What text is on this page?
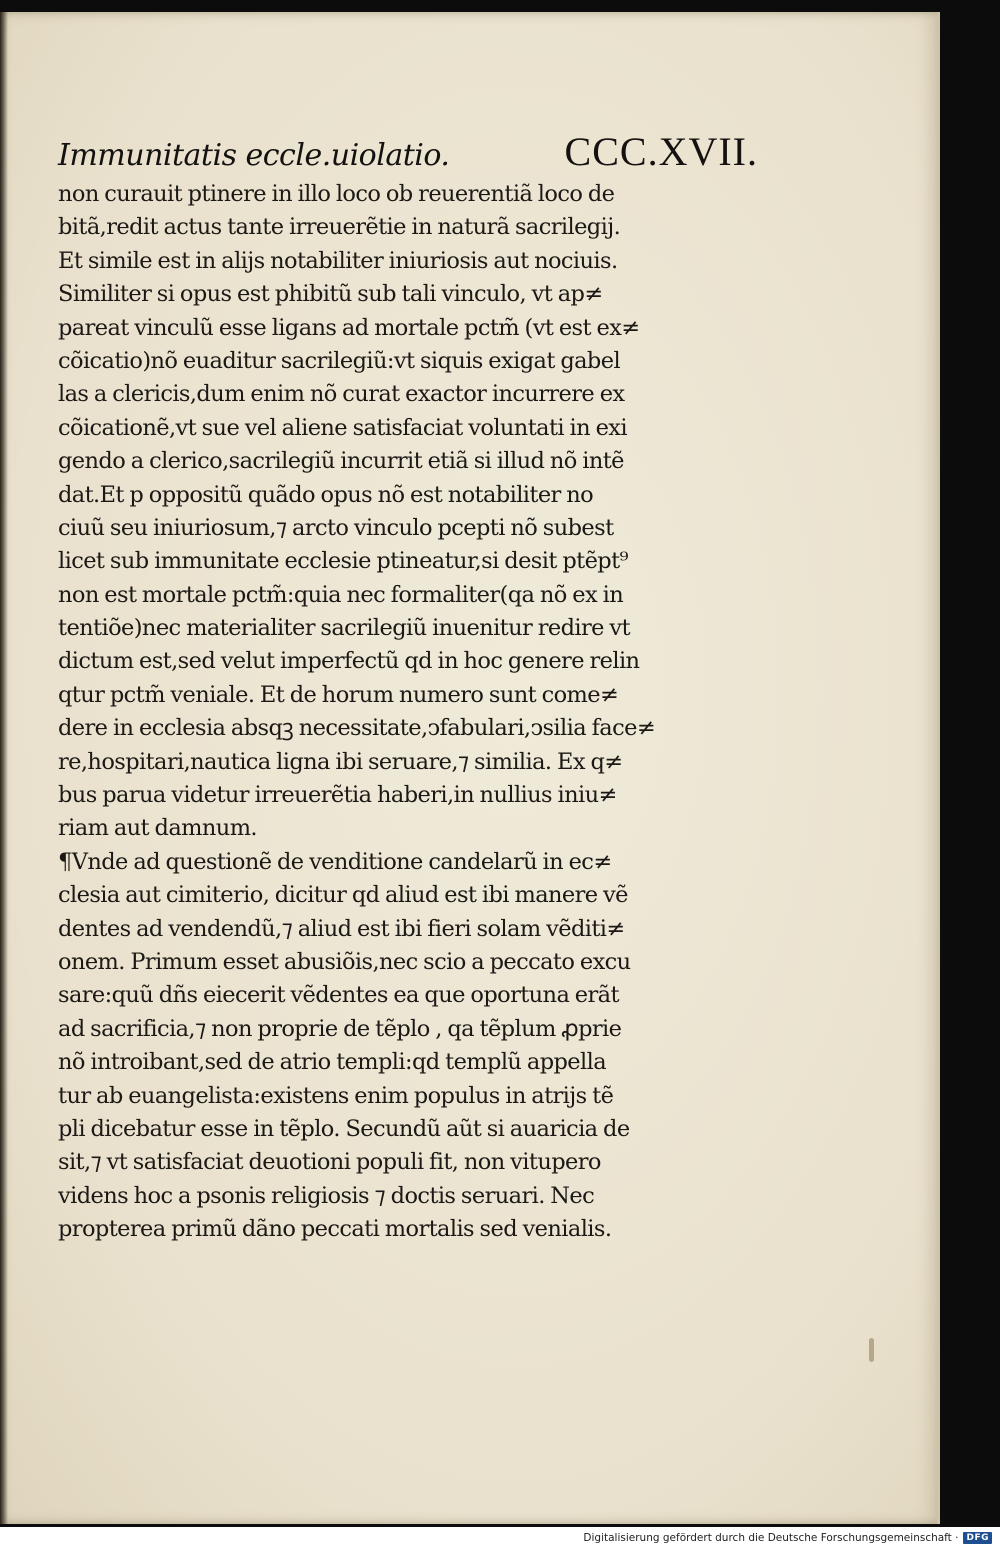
Immunitatis eccle.uiolatio.	CCC.XVII.
non curauit ptinere in illo loco ob reuerentiã loco de
bitã,redit actus tante irreuerẽtie in naturã sacrilegij.
Et simile est in alijs notabiliter iniuriosis aut nociuis.
Similiter si opus est phibitũ sub tali vinculo, vt ap≠
pareat vinculũ esse ligans ad mortale pctm̃ (vt est ex≠
cõicatio)nõ euaditur sacrilegiũ:vt siquis exigat gabel
las a clericis,dum enim nõ curat exactor incurrere ex
cõicationẽ,vt sue vel aliene satisfaciat voluntati in exi
gendo a clerico,sacrilegiũ incurrit etiã si illud nõ intẽ
dat.Et p oppositũ quãdo opus nõ est notabiliter no
ciuũ seu iniuriosum,⁊ arcto vinculo pcepti nõ subest
licet sub immunitate ecclesie ptineatur,si desit ptẽpt⁹
non est mortale pctm̃:quia nec formaliter(qa nõ ex in
tentiõe)nec materialiter sacrilegiũ inuenitur redire vt
dictum est,sed velut imperfectũ qd in hoc genere relin
qtur pctm̃ veniale. Et de horum numero sunt come≠
dere in ecclesia absqꝫ necessitate,ↄfabulari,ↄsilia face≠
re,hospitari,nautica ligna ibi seruare,⁊ similia. Ex q≠
bus parua videtur irreuerẽtia haberi,in nullius iniu≠
riam aut damnum.
¶Vnde ad questionẽ de venditione candelarũ in ec≠
clesia aut cimiterio, dicitur qd aliud est ibi manere vẽ
dentes ad vendendũ,⁊ aliud est ibi fieri solam vẽditi≠
onem. Primum esset abusiõis,nec scio a peccato excu
sare:quũ dñs eiecerit vẽdentes ea que oportuna erãt
ad sacrificia,⁊ non proprie de tẽplo , qa tẽplum ꝓprie
nõ introibant,sed de atrio templi:qd templũ appella
tur ab euangelista:existens enim populus in atrijs tẽ
pli dicebatur esse in tẽplo. Secundũ aũt si auaricia de
sit,⁊ vt satisfaciat deuotioni populi fit, non vitupero
videns hoc a psonis religiosis ⁊ doctis seruari. Nec
propterea primũ dãno peccati mortalis sed venialis.
Digitalisierung gefördert durch die Deutsche Forschungsgemeinschaft · DFG
